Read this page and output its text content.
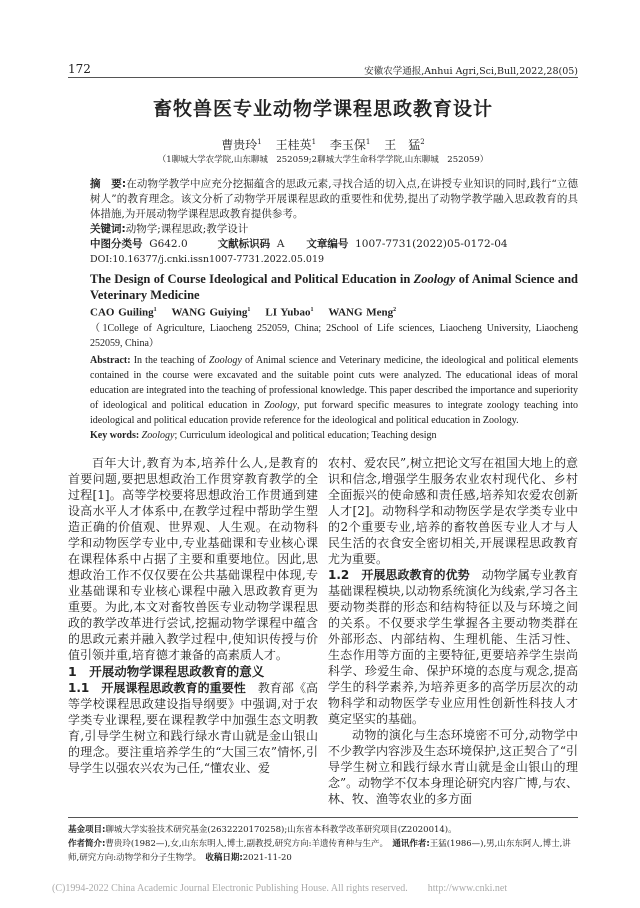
172	安徽农学通报,Anhui Agri,Sci,Bull,2022,28(05)
畜牧兽医专业动物学课程思政教育设计
曹贵玲$^1$ 王桂英$^1$ 李玉保$^1$ 王　猛$^2$
（1聊城大学农学院,山东聊城　252059;2聊城大学生命科学学院,山东聊城　252059）
摘　要:在动物学教学中应充分挖掘蕴含的思政元素,寻找合适的切入点,在讲授专业知识的同时,践行“立德树人”的教育理念。该文分析了动物学开展课程思政的重要性和优势,提出了动物学教学融入思政教育的具体措施,为开展动物学课程思政教育提供参考。
关键词:动物学;课程思政;教学设计
中图分类号 G642.0	文献标识码 A 文章编号 1007-7731(2022)05-0172-04
DOI:10.16377/j.cnki.issn1007-7731.2022.05.019
The Design of Course Ideological and Political Education in Zoology of Animal Science and Veterinary Medicine
CAO Guiling$^1$ WANG Guiying$^1$ LI Yubao$^1$ WANG Meng$^2$
（1College of Agriculture, Liaocheng 252059, China; 2School of Life sciences, Liaocheng University, Liaocheng 252059, China）
Abstract: In the teaching of Zoology of Animal science and Veterinary medicine, the ideological and political elements contained in the course were excavated and the suitable point cuts were analyzed. The educational ideas of moral education are integrated into the teaching of professional knowledge. This paper described the importance and superiority of ideological and political education in Zoology, put forward specific measures to integrate zoology teaching into ideological and political education provide reference for the ideological and political education in Zoology.
Key words: Zoology; Curriculum ideological and political education; Teaching design

百年大计,教育为本,培养什么人,是教育的首要问题,要把思想政治工作贯穿教育教学的全过程[1]。高等学校要将思想政治工作贯通到建设高水平人才体系中,在教学过程中帮助学生塑造正确的价值观、世界观、人生观。在动物科学和动物医学专业中,专业基础课和专业核心课在课程体系中占据了主要和重要地位。因此,思想政治工作不仅仅要在公共基础课程中体现,专业基础课和专业核心课程中融入思政教育更为重要。为此,本文对畜牧兽医专业动物学课程思政的教学改革进行尝试,挖掘动物学课程中蕴含的思政元素并融入教学过程中,使知识传授与价值引领并重,培育德才兼备的高素质人才。

1　开展动物学课程思政教育的意义

1.1　开展课程思政教育的重要性　 教育部《高等学校课程思政建设指导纲要》中强调,对于农学类专业课程,要在课程教学中加强生态文明教育,引导学生树立和践行绿水青山就是金山银山的理念。要注重培养学生的“大国三农”情怀,引导学生以强农兴农为己任,“懂农业、爱

农村、爱农民”,树立把论文写在祖国大地上的意识和信念,增强学生服务农业农村现代化、乡村全面振兴的使命感和责任感,培养知农爱农创新人才[2]。动物科学和动物医学是农学类专业中的2个重要专业,培养的畜牧兽医专业人才与人民生活的衣食安全密切相关,开展课程思政教育尤为重要。

1.2　开展思政教育的优势　 动物学属专业教育基础课程模块,以动物系统演化为线索,学习各主要动物类群的形态和结构特征以及与环境之间的关系。不仅要求学生掌握各主要动物类群在外部形态、内部结构、生理机能、生活习性、生态作用等方面的主要特征,更要培养学生崇尚科学、珍爱生命、保护环境的态度与观念,提高学生的科学素养,为培养更多的高学历层次的动物科学和动物医学专业应用性创新性科技人才奠定坚实的基础。

动物的演化与生态环境密不可分,动物学中不少教学内容涉及生态环境保护,这正契合了“引导学生树立和践行绿水青山就是金山银山的理念”。动物学不仅本身理论研究内容广博,与农、林、牧、渔等农业的多方面

基金项目:聊城大学实验技术研究基金(26322201702​58);山东省本科教学改革研究项目(Z2020014)。
作者简介:曹贵玲(1982—),女,山东东明人,博士,副教授,研究方向:羊遗传育种与生产。　 通讯作者:王猛(1986—),男,山东东阿人,博士,讲师,研究方向:动物学和分子生物学。　 收稿日期:2021-11-20
(C)1994-2022 China Academic Journal Electronic Publishing House. All rights reserved.　　http://www.cnki.net
